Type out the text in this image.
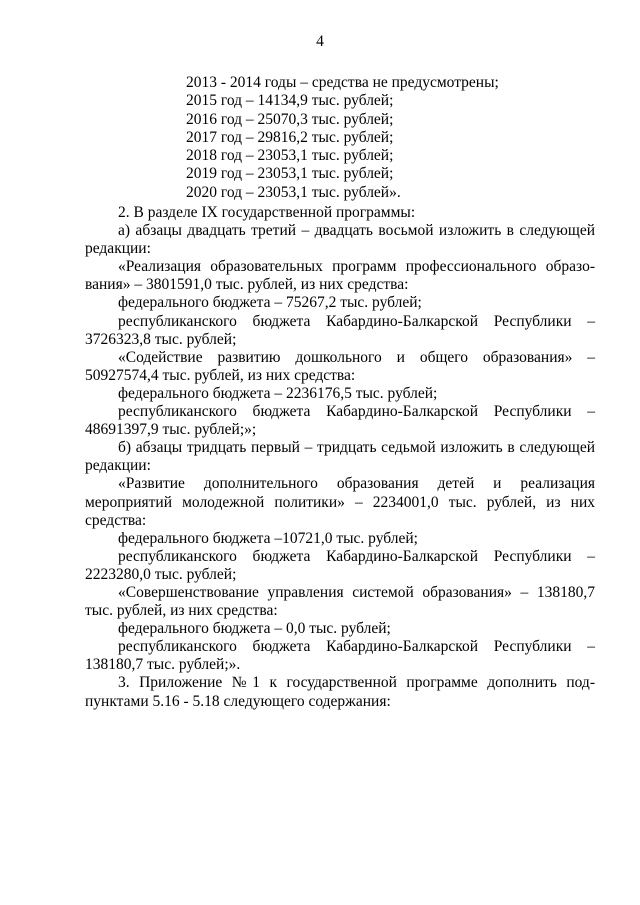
4
2013 - 2014 годы – средства не предусмотрены;
2015 год – 14134,9 тыс. рублей;
2016 год – 25070,3 тыс. рублей;
2017 год – 29816,2 тыс. рублей;
2018 год – 23053,1 тыс. рублей;
2019 год – 23053,1 тыс. рублей;
2020 год – 23053,1 тыс. рублей».

2. В разделе IX государственной программы:

а) абзацы двадцать третий – двадцать восьмой изложить в следующей редакции:

«Реализация образовательных программ профессионального образо-вания» – 3801591,0 тыс. рублей, из них средства:

федерального бюджета – 75267,2 тыс. рублей;

республиканского бюджета Кабардино-Балкарской Республики – 3726323,8 тыс. рублей;

«Содействие развитию дошкольного и общего образования» – 50927574,4 тыс. рублей, из них средства:

федерального бюджета – 2236176,5 тыс. рублей;

республиканского бюджета Кабардино-Балкарской Республики – 48691397,9 тыс. рублей;»;

б) абзацы тридцать первый – тридцать седьмой изложить в следующей редакции:

«Развитие дополнительного образования детей и реализация мероприятий молодежной политики» – 2234001,0 тыс. рублей, из них средства:

федерального бюджета –10721,0 тыс. рублей;

республиканского бюджета Кабардино-Балкарской Республики – 2223280,0 тыс. рублей;

«Совершенствование управления системой образования» – 138180,7 тыс. рублей, из них средства:

федерального бюджета – 0,0 тыс. рублей;

республиканского бюджета Кабардино-Балкарской Республики – 138180,7 тыс. рублей;».

3. Приложение №1 к государственной программе дополнить под-пунктами 5.16 - 5.18 следующего содержания:
